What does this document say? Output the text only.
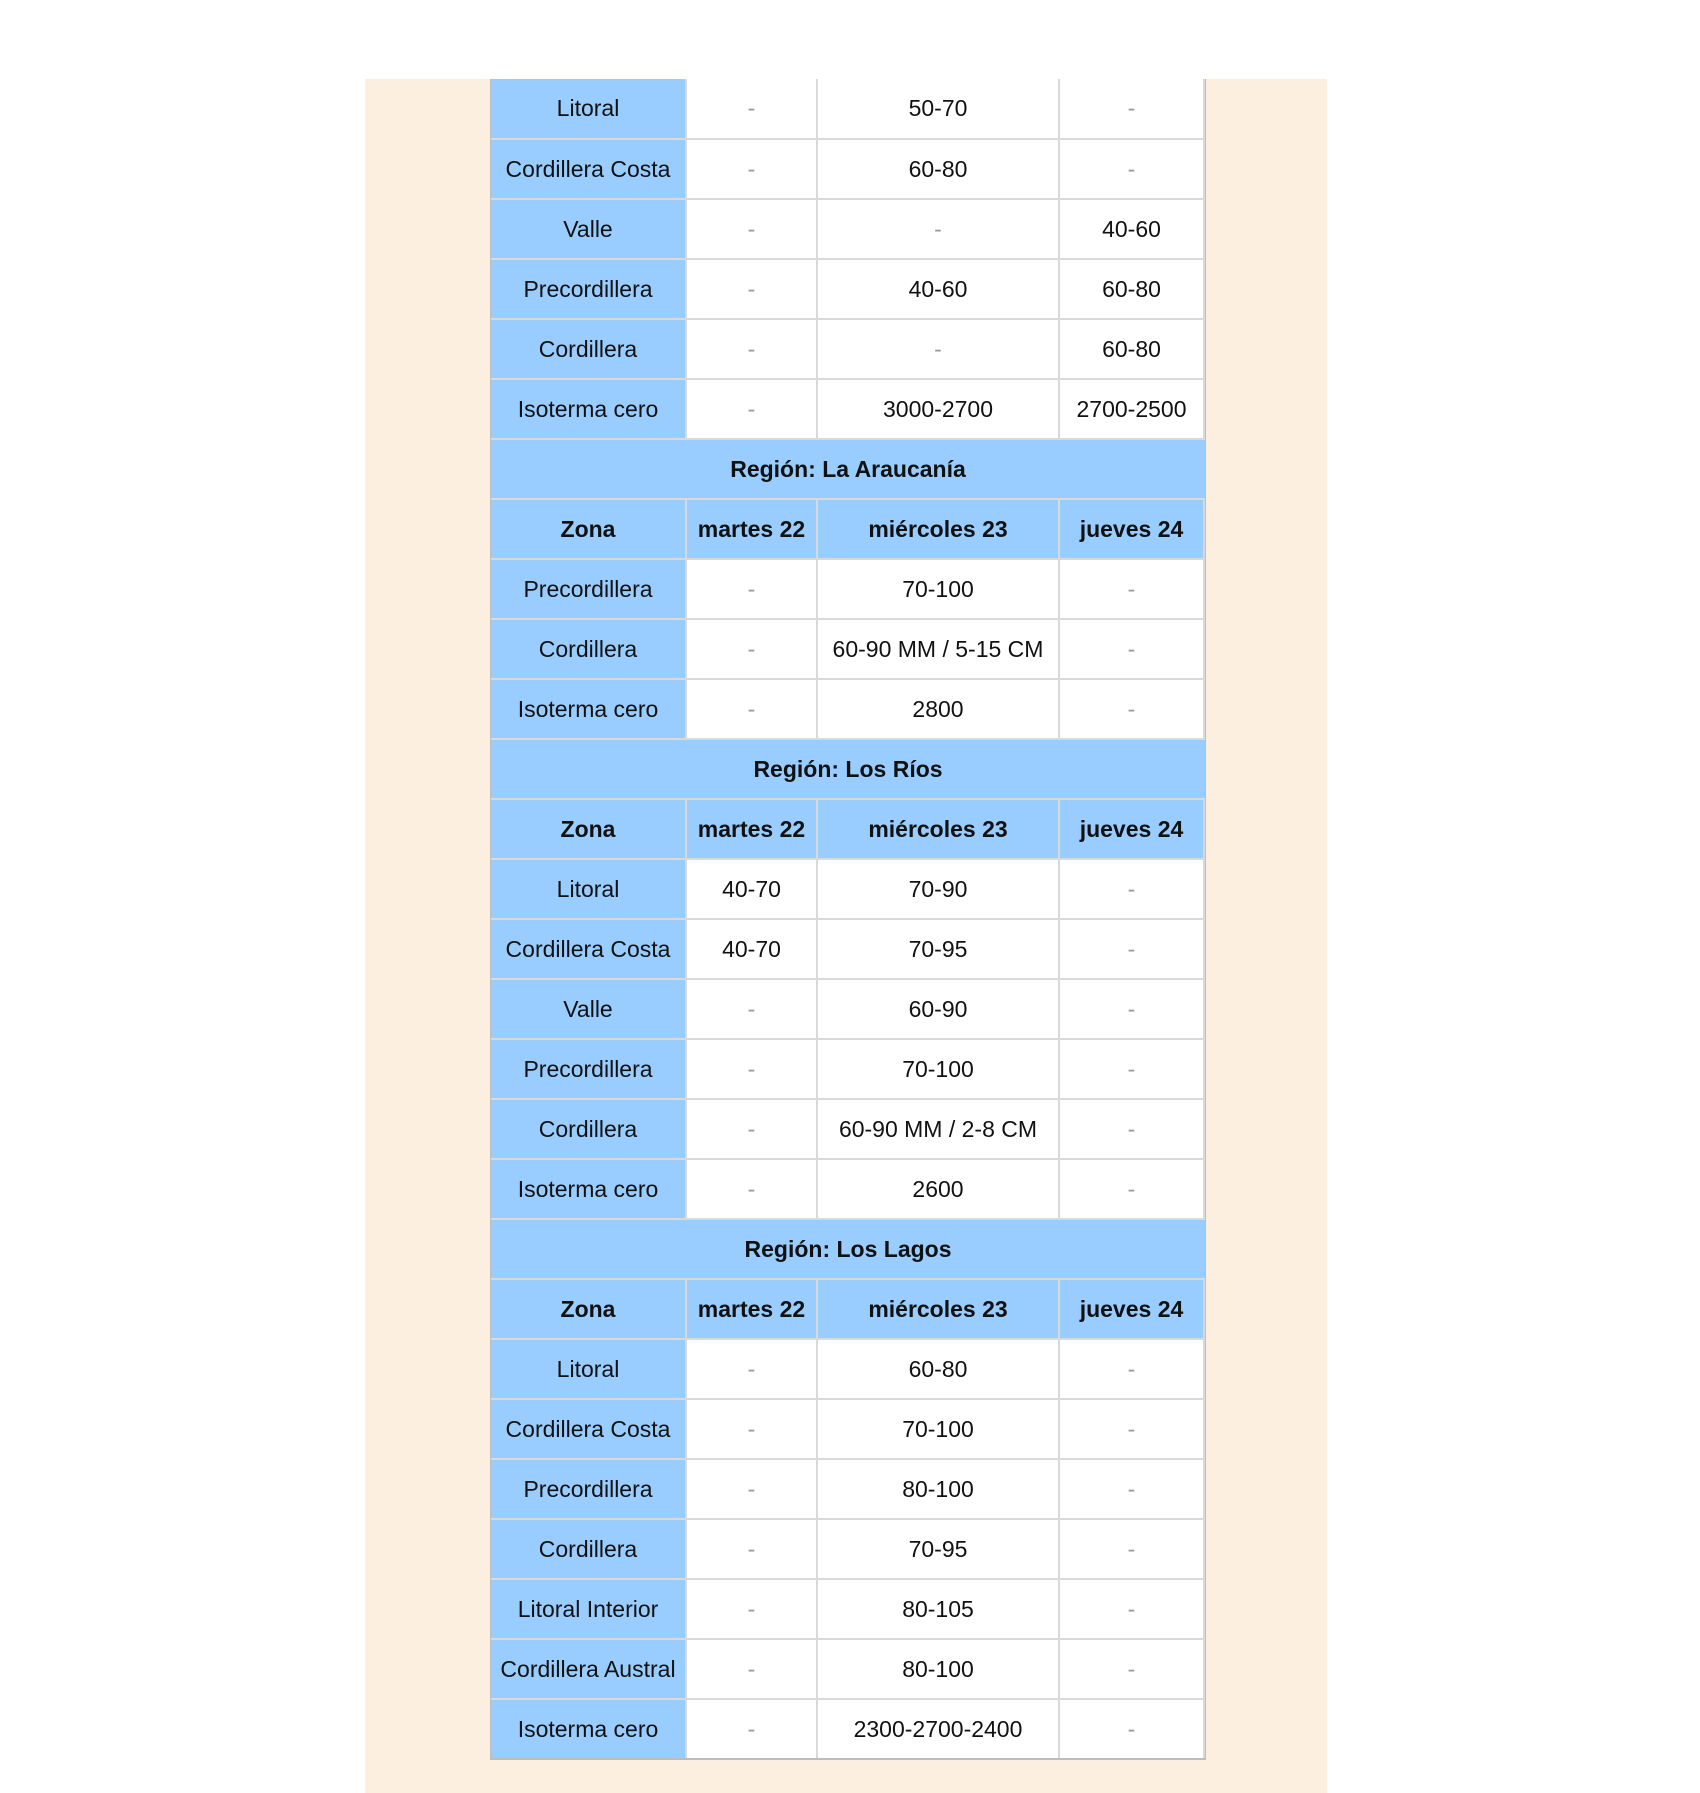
Litoral	-	50-70	-
Cordillera Costa	-	60-80	-
Valle	-	-	40-60
Precordillera	-	40-60	60-80
Cordillera	-	-	60-80
Isoterma cero	-	3000-2700	2700-2500
Región: La Araucanía
Zona	martes 22	miércoles 23	jueves 24
Precordillera	-	70-100	-
Cordillera	-	60-90 MM / 5-15 CM	-
Isoterma cero	-	2800	-
Región: Los Ríos
Zona	martes 22	miércoles 23	jueves 24
Litoral	40-70	70-90	-
Cordillera Costa	40-70	70-95	-
Valle	-	60-90	-
Precordillera	-	70-100	-
Cordillera	-	60-90 MM / 2-8 CM	-
Isoterma cero	-	2600	-
Región: Los Lagos
Zona	martes 22	miércoles 23	jueves 24
Litoral	-	60-80	-
Cordillera Costa	-	70-100	-
Precordillera	-	80-100	-
Cordillera	-	70-95	-
Litoral Interior	-	80-105	-
Cordillera Austral	-	80-100	-
Isoterma cero	-	2300-2700-2400	-
